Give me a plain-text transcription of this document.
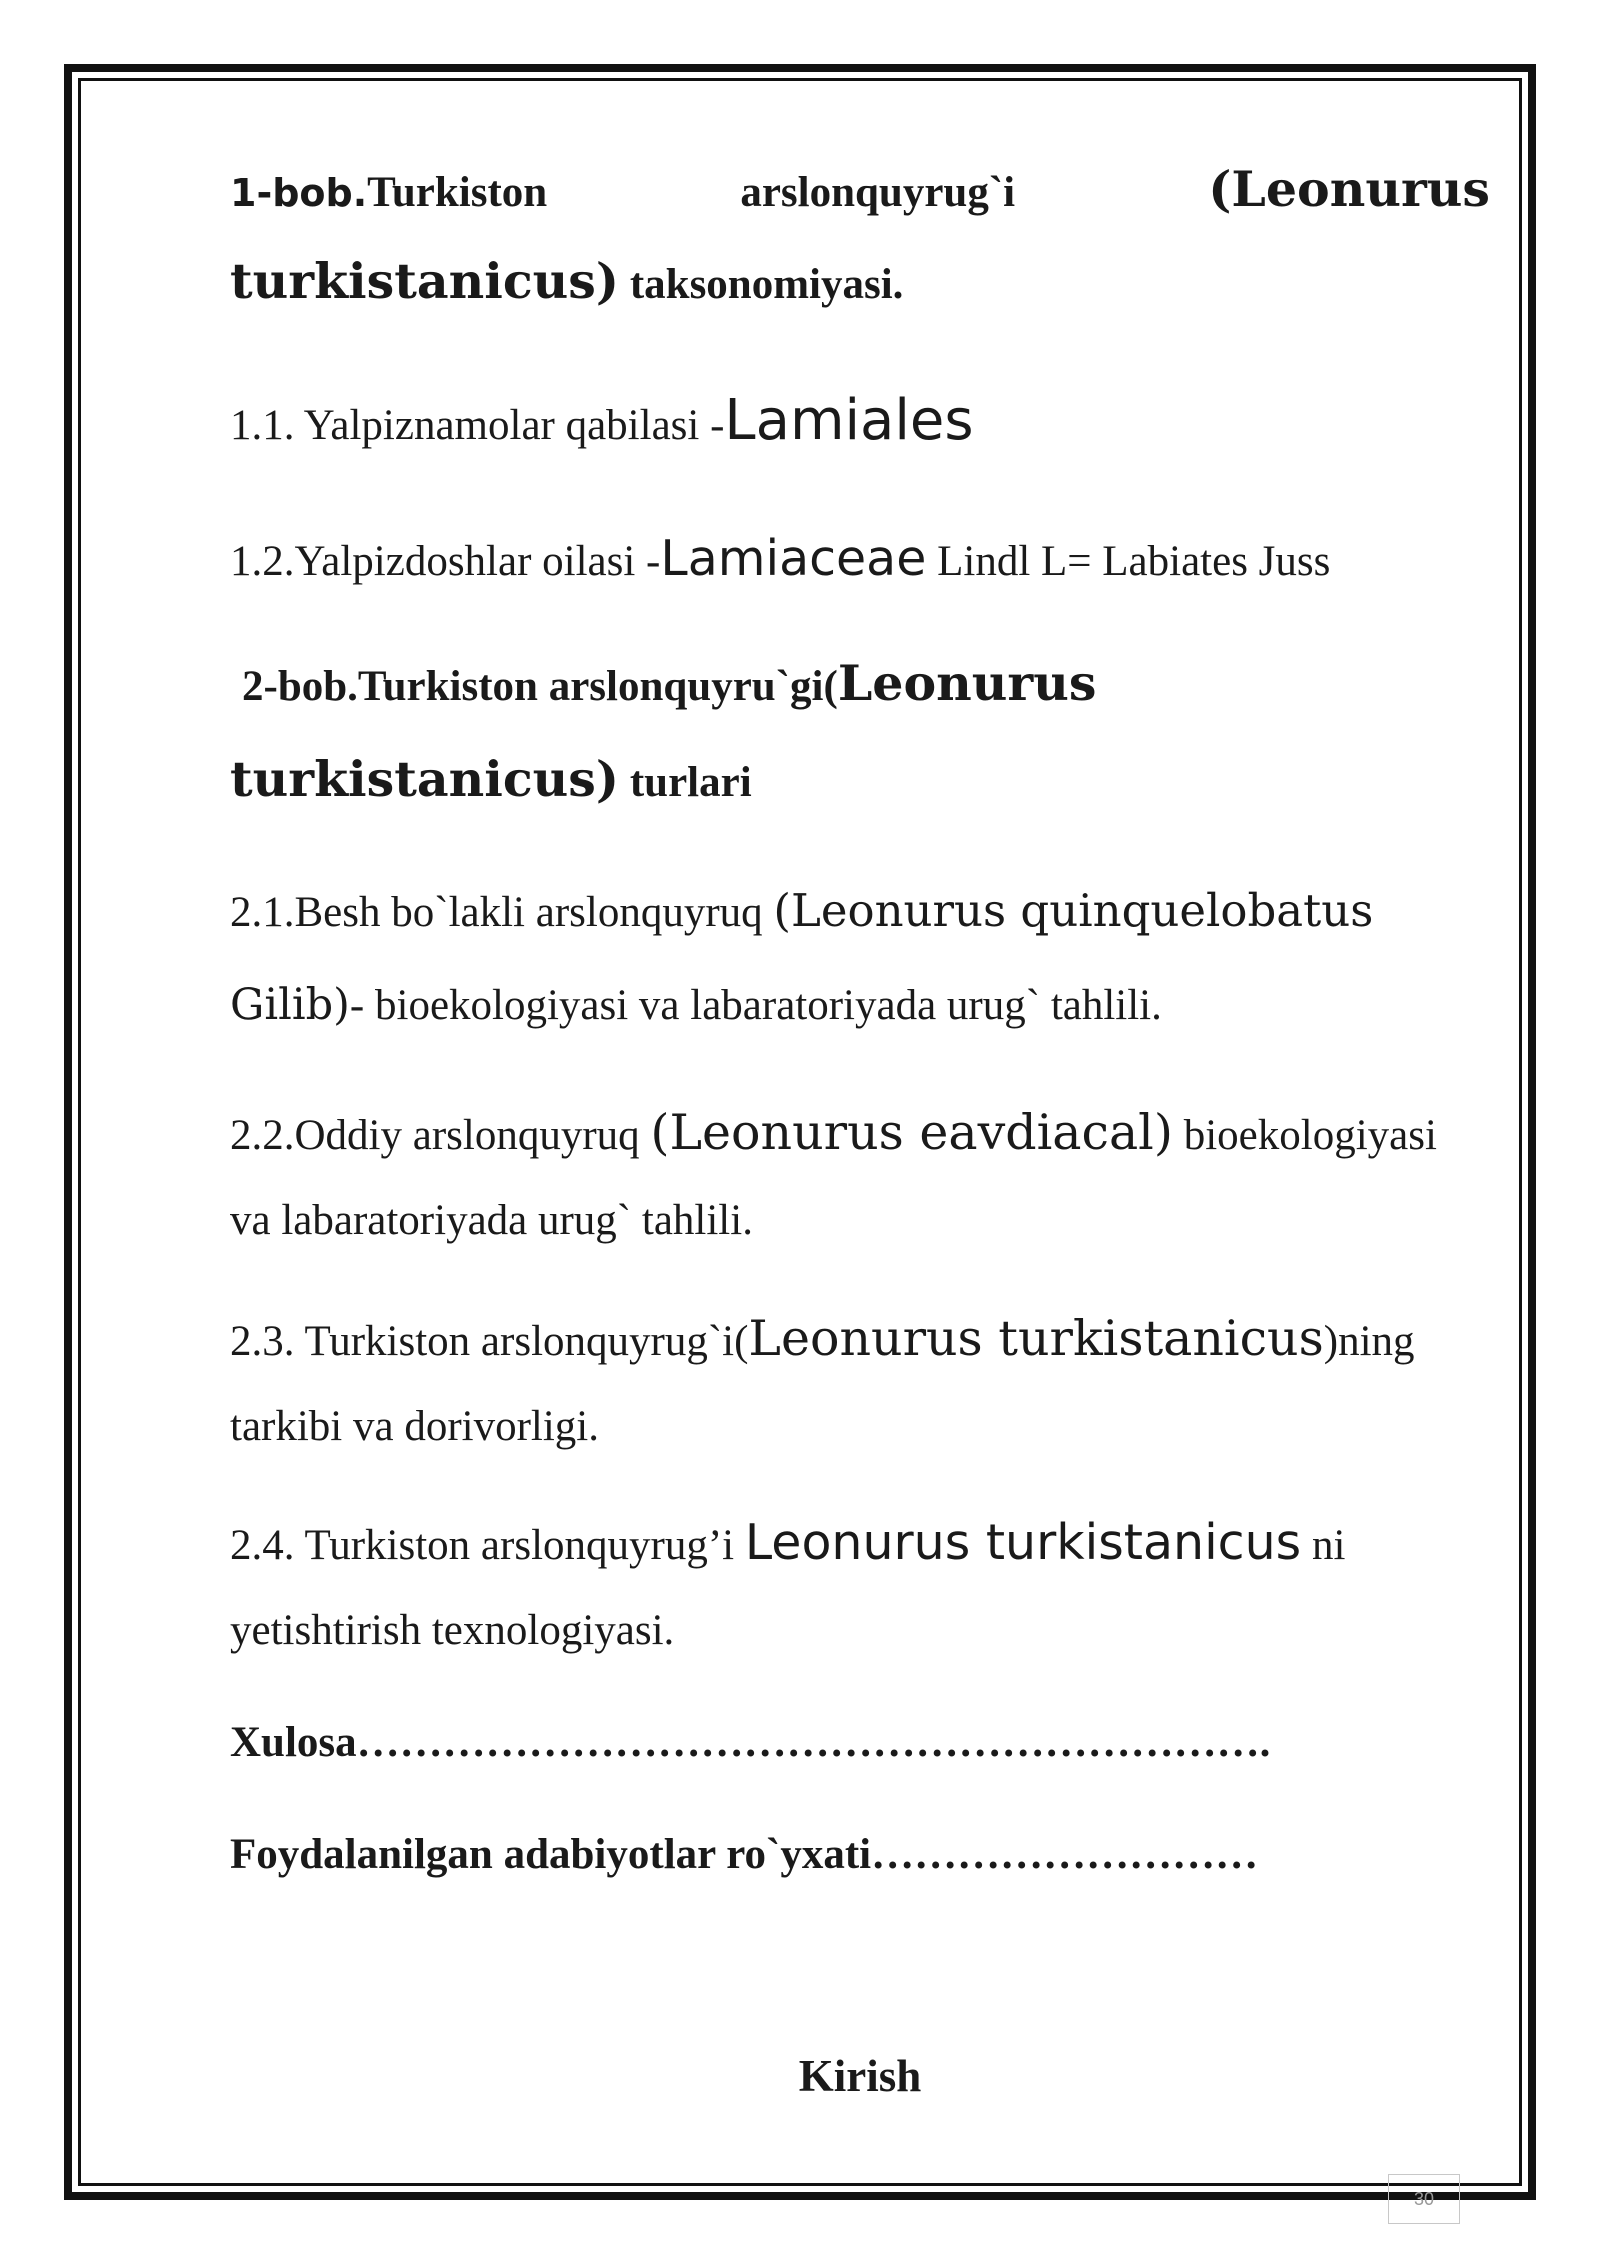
1-bob.Turkiston	arslonquyrug`i	(Leonurus
turkistanicus) taksonomiyasi.
1.1. Yalpiznamolar qabilasi -Lamiales
1.2.Yalpizdoshlar oilasi -Lamiaceae Lindl L= Labiates Juss
2-bob.Turkiston arslonquyru`gi(Leonurus
turkistanicus) turlari
2.1.Besh bo`lakli arslonquyruq (Leonurus quinquelobatus
Gilib)- bioekologiyasi va labaratoriyada urug` tahlili.
2.2.Oddiy arslonquyruq (Leonurus eavdiacal) bioekologiyasi
va labaratoriyada urug` tahlili.
2.3. Turkiston arslonquyrug`i(Leonurus turkistanicus)ning
tarkibi va dorivorligi.
2.4. Turkiston arslonquyrug’i Leonurus turkistanicus ni
yetishtirish texnologiyasi.
Xulosa……………………………………………………….
Foydalanilgan adabiyotlar ro`yxati………………………
Kirish
30
